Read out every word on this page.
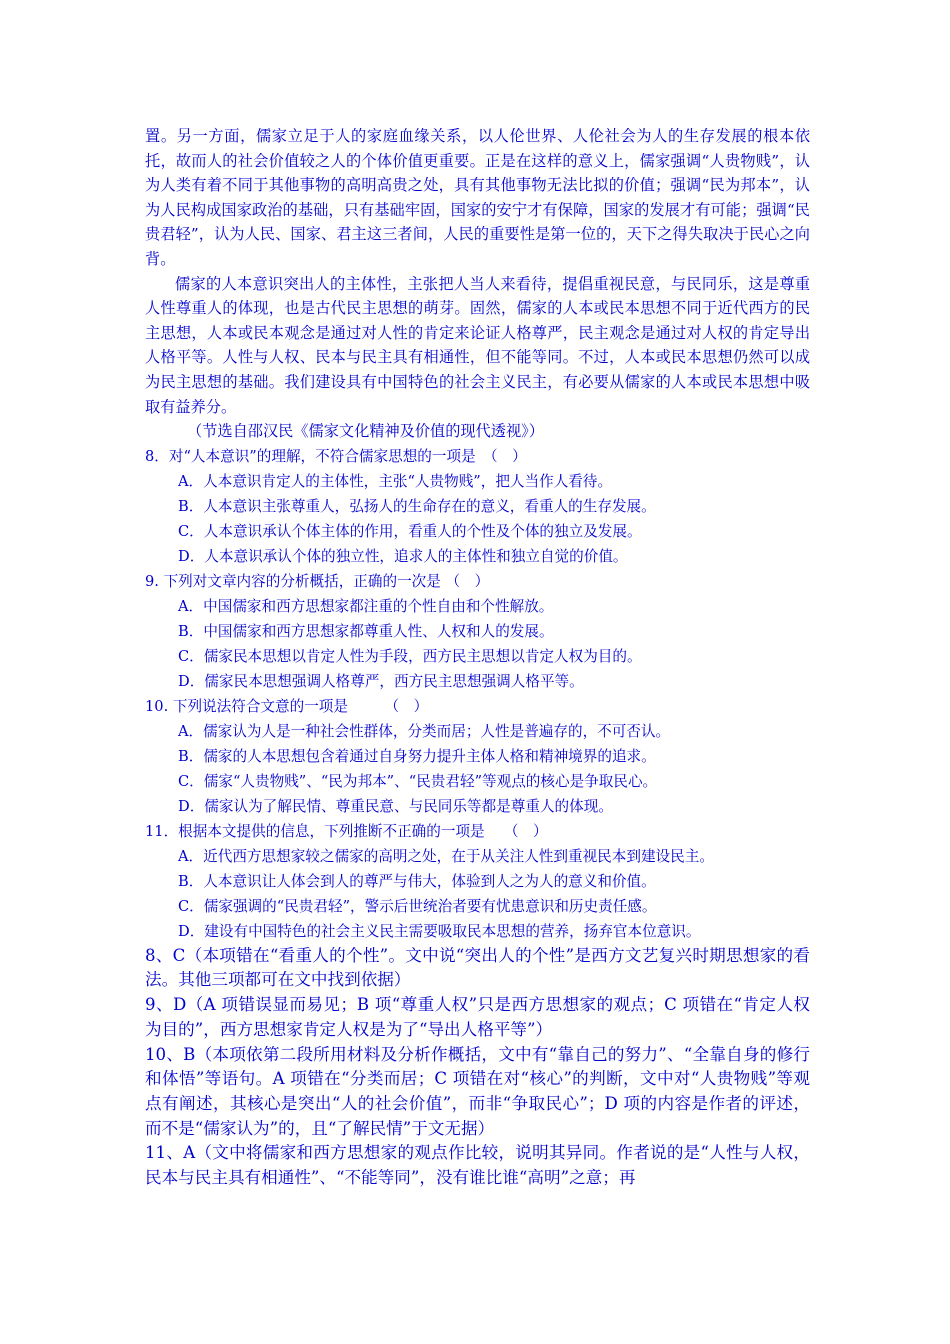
置。另一方面，儒家立足于人的家庭血缘关系，以人伦世界、人伦社会为人的生存发展的根本依托，故而人的社会价值较之人的个体价值更重要。正是在这样的意义上，儒家强调“人贵物贱”，认为人类有着不同于其他事物的高明高贵之处，具有其他事物无法比拟的价值；强调“民为邦本”，认为人民构成国家政治的基础，只有基础牢固，国家的安宁才有保障，国家的发展才有可能；强调“民贵君轻”，认为人民、国家、君主这三者间，人民的重要性是第一位的，天下之得失取决于民心之向背。

儒家的人本意识突出人的主体性，主张把人当人来看待，提倡重视民意，与民同乐，这是尊重人性尊重人的体现，也是古代民主思想的萌芽。固然，儒家的人本或民本思想不同于近代西方的民主思想，人本或民本观念是通过对人性的肯定来论证人格尊严，民主观念是通过对人权的肯定导出人格平等。人性与人权、民本与民主具有相通性，但不能等同。不过，人本或民本思想仍然可以成为民主思想的基础。我们建设具有中国特色的社会主义民主，有必要从儒家的人本或民本思想中吸取有益养分。

（节选自邵汉民《儒家文化精神及价值的现代透视》）

8．对“人本意识”的理解，不符合儒家思想的一项是　（　）

A．人本意识肯定人的主体性，主张“人贵物贱”，把人当作人看待。

B．人本意识主张尊重人，弘扬人的生命存在的意义，看重人的生存发展。

C．人本意识承认个体主体的作用，看重人的个性及个体的独立及发展。

D．人本意识承认个体的独立性，追求人的主体性和独立自觉的价值。

9. 下列对文章内容的分析概括，正确的一次是 （　）

A．中国儒家和西方思想家都注重的个性自由和个性解放。

B．中国儒家和西方思想家都尊重人性、人权和人的发展。

C．儒家民本思想以肯定人性为手段，西方民主思想以肯定人权为目的。

D．儒家民本思想强调人格尊严，西方民主思想强调人格平等。

10. 下列说法符合文意的一项是　　　（　）

A．儒家认为人是一种社会性群体，分类而居；人性是普遍存的，不可否认。

B．儒家的人本思想包含着通过自身努力提升主体人格和精神境界的追求。

C．儒家“人贵物贱”、“民为邦本”、“民贵君轻”等观点的核心是争取民心。

D．儒家认为了解民情、尊重民意、与民同乐等都是尊重人的体现。

11．根据本文提供的信息，下列推断不正确的一项是　 （　）

A．近代西方思想家较之儒家的高明之处，在于从关注人性到重视民本到建设民主。

B．人本意识让人体会到人的尊严与伟大，体验到人之为人的意义和价值。

C．儒家强调的“民贵君轻”，警示后世统治者要有忧患意识和历史责任感。

D．建设有中国特色的社会主义民主需要吸取民本思想的营养，扬弃官本位意识。

8、C（本项错在“看重人的个性”。文中说“突出人的个性”是西方文艺复兴时期思想家的看法。其他三项都可在文中找到依据）

9、D（A 项错误显而易见；B 项“尊重人权”只是西方思想家的观点；C 项错在“肯定人权为目的”，西方思想家肯定人权是为了“导出人格平等”）

10、B（本项依第二段所用材料及分析作概括，文中有“靠自己的努力”、“全靠自身的修行和体悟”等语句。A 项错在“分类而居；C 项错在对“核心”的判断，文中对“人贵物贱”等观点有阐述，其核心是突出“人的社会价值”，而非“争取民心”；D 项的内容是作者的评述，而不是“儒家认为”的，且“了解民情”于文无据）

11、A（文中将儒家和西方思想家的观点作比较，说明其异同。作者说的是“人性与人权，民本与民主具有相通性”、“不能等同”，没有谁比谁“高明”之意；再
